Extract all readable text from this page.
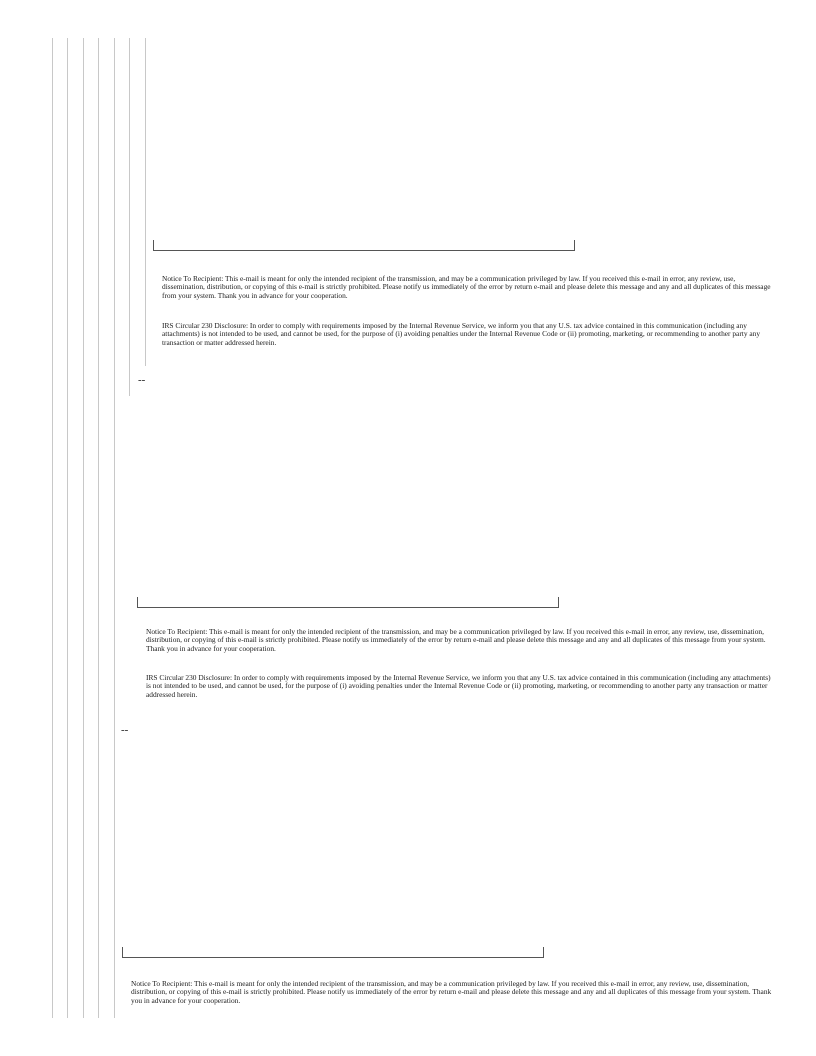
Notice To Recipient: This e-mail is meant for only the intended recipient of the transmission, and may be a communication privileged by law. If you received this e-mail in error, any review, use, dissemination, distribution, or copying of this e-mail is strictly prohibited. Please notify us immediately of the error by return e-mail and please delete this message and any and all duplicates of this message from your system. Thank you in advance for your cooperation.

IRS Circular 230 Disclosure: In order to comply with requirements imposed by the Internal Revenue Service, we inform you that any U.S. tax advice contained in this communication (including any attachments) is not intended to be used, and cannot be used, for the purpose of (i) avoiding penalties under the Internal Revenue Code or (ii) promoting, marketing, or recommending to another party any transaction or matter addressed herein.

--

Notice To Recipient: This e-mail is meant for only the intended recipient of the transmission, and may be a communication privileged by law. If you received this e-mail in error, any review, use, dissemination, distribution, or copying of this e-mail is strictly prohibited. Please notify us immediately of the error by return e-mail and please delete this message and any and all duplicates of this message from your system. Thank you in advance for your cooperation.

IRS Circular 230 Disclosure: In order to comply with requirements imposed by the Internal Revenue Service, we inform you that any U.S. tax advice contained in this communication (including any attachments) is not intended to be used, and cannot be used, for the purpose of (i) avoiding penalties under the Internal Revenue Code or (ii) promoting, marketing, or recommending to another party any transaction or matter addressed herein.

--

Notice To Recipient: This e-mail is meant for only the intended recipient of the transmission, and may be a communication privileged by law. If you received this e-mail in error, any review, use, dissemination, distribution, or copying of this e-mail is strictly prohibited. Please notify us immediately of the error by return e-mail and please delete this message and any and all duplicates of this message from your system. Thank you in advance for your cooperation.
